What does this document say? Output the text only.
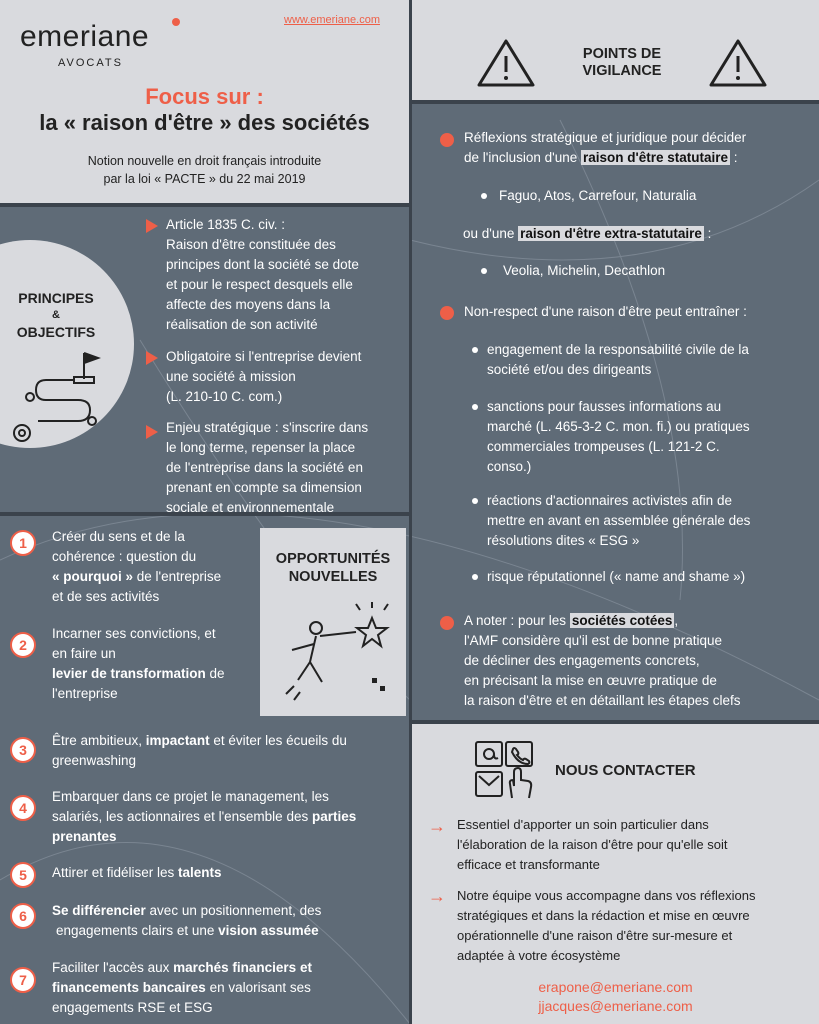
emeriane
AVOCATS
www.emeriane.com
Focus sur :
la « raison d'être » des sociétés
Notion nouvelle en droit français introduite
par la loi « PACTE » du 22 mai 2019
PRINCIPES
&
OBJECTIFS
Article 1835 C. civ. :
Raison d'être constituée des
principes dont la société se dote
et pour le respect desquels elle
affecte des moyens dans la
réalisation de son activité
Obligatoire si l'entreprise devient
une société à mission
(L. 210-10 C. com.)
Enjeu stratégique : s'inscrire dans
le long terme, repenser la place
de l'entreprise dans la société en
prenant en compte sa dimension
sociale et environnementale
OPPORTUNITÉS
NOUVELLES
1	Créer du sens et de la
cohérence : question du
« pourquoi » de l'entreprise
et de ses activités
2
Incarner ses convictions, et
en faire un
levier de transformation de
l'entreprise
3
Être ambitieux, impactant et éviter les écueils du
greenwashing
4
Embarquer dans ce projet le management, les
salariés, les actionnaires et l'ensemble des parties
prenantes
5	Attirer et fidéliser les talents
6	Se différencier avec un positionnement, des
engagements clairs et une vision assumée
7
Faciliter l'accès aux marchés financiers et
financements bancaires en valorisant ses
engagements RSE et ESG
POINTS DE
VIGILANCE
Réflexions stratégique et juridique pour décider
de l'inclusion d'une raison d'être statutaire :
Faguo, Atos, Carrefour, Naturalia
ou d'une raison d'être extra-statutaire :
Veolia, Michelin, Decathlon
Non-respect d'une raison d'être peut entraîner :
engagement de la responsabilité civile de la
société et/ou des dirigeants
sanctions pour fausses informations au
marché (L. 465-3-2 C. mon. fi.) ou pratiques
commerciales trompeuses (L. 121-2 C.
conso.)
réactions d'actionnaires activistes afin de
mettre en avant en assemblée générale des
résolutions dites « ESG »
risque réputationnel (« name and shame »)
A noter : pour les sociétés cotées ,
l'AMF considère qu'il est de bonne pratique
de décliner des engagements concrets,
en précisant la mise en œuvre pratique de
la raison d'être et en détaillant les étapes clefs
NOUS CONTACTER
→ Essentiel d'apporter un soin particulier dans
l'élaboration de la raison d'être pour qu'elle soit
efficace et transformante
→ Notre équipe vous accompagne dans vos réflexions
stratégiques et dans la rédaction et mise en œuvre
opérationnelle d'une raison d'être sur-mesure et
adaptée à votre écosystème
erapone@emeriane.com
jjacques@emeriane.com
